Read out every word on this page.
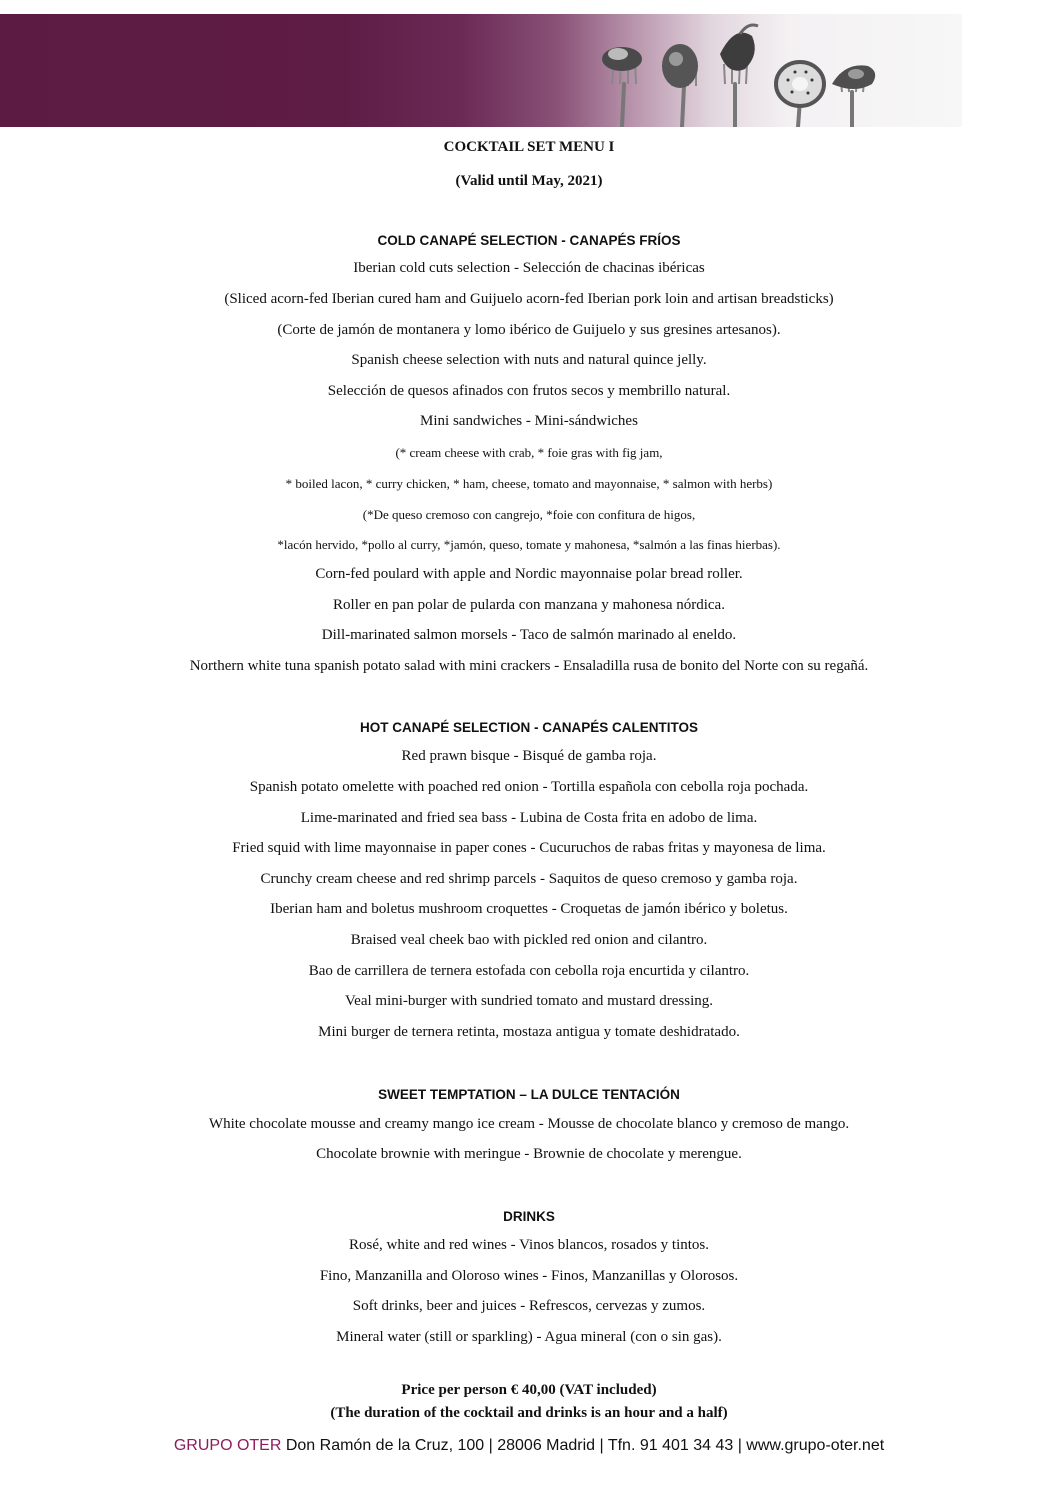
COCKTAIL SET MENU I
(Valid until May, 2021)
COLD CANAPÉ SELECTION - CANAPÉS FRÍOS
Iberian cold cuts selection - Selección de chacinas ibéricas
(Sliced acorn-fed Iberian cured ham and Guijuelo acorn-fed Iberian pork loin and artisan breadsticks)
(Corte de jamón de montanera y lomo ibérico de Guijuelo y sus gresines artesanos).
Spanish cheese selection with nuts and natural quince jelly.
Selección de quesos afinados con frutos secos y membrillo natural.
Mini sandwiches - Mini-sándwiches
(* cream cheese with crab, * foie gras with fig jam,
* boiled lacon, * curry chicken, * ham, cheese, tomato and mayonnaise, * salmon with herbs)
(*De queso cremoso con cangrejo, *foie con confitura de higos,
*lacón hervido, *pollo al curry, *jamón, queso, tomate y mahonesa, *salmón a las finas hierbas).
Corn-fed poulard with apple and Nordic mayonnaise polar bread roller.
Roller en pan polar de pularda con manzana y mahonesa nórdica.
Dill-marinated salmon morsels - Taco de salmón marinado al eneldo.
Northern white tuna spanish potato salad with mini crackers - Ensaladilla rusa de bonito del Norte con su regañá.
HOT CANAPÉ SELECTION - CANAPÉS CALENTITOS
Red prawn bisque - Bisqué de gamba roja.
Spanish potato omelette with poached red onion - Tortilla española con cebolla roja pochada.
Lime-marinated and fried sea bass - Lubina de Costa frita en adobo de lima.
Fried squid with lime mayonnaise in paper cones - Cucuruchos de rabas fritas y mayonesa de lima.
Crunchy cream cheese and red shrimp parcels - Saquitos de queso cremoso y gamba roja.
Iberian ham and boletus mushroom croquettes - Croquetas de jamón ibérico y boletus.
Braised veal cheek bao with pickled red onion and cilantro.
Bao de carrillera de ternera estofada con cebolla roja encurtida y cilantro.
Veal mini-burger with sundried tomato and mustard dressing.
Mini burger de ternera retinta, mostaza antigua y tomate deshidratado.
SWEET TEMPTATION – LA DULCE TENTACIÓN
White chocolate mousse and creamy mango ice cream - Mousse de chocolate blanco y cremoso de mango.
Chocolate brownie with meringue - Brownie de chocolate y merengue.
DRINKS
Rosé, white and red wines - Vinos blancos, rosados y tintos.
Fino, Manzanilla and Oloroso wines - Finos, Manzanillas y Olorosos.
Soft drinks, beer and juices - Refrescos, cervezas y zumos.
Mineral water (still or sparkling) - Agua mineral (con o sin gas).
Price per person € 40,00 (VAT included)
(The duration of the cocktail and drinks is an hour and a half)
GRUPO OTER Don Ramón de la Cruz, 100 | 28006 Madrid | Tfn. 91 401 34 43 | www.grupo-oter.net
